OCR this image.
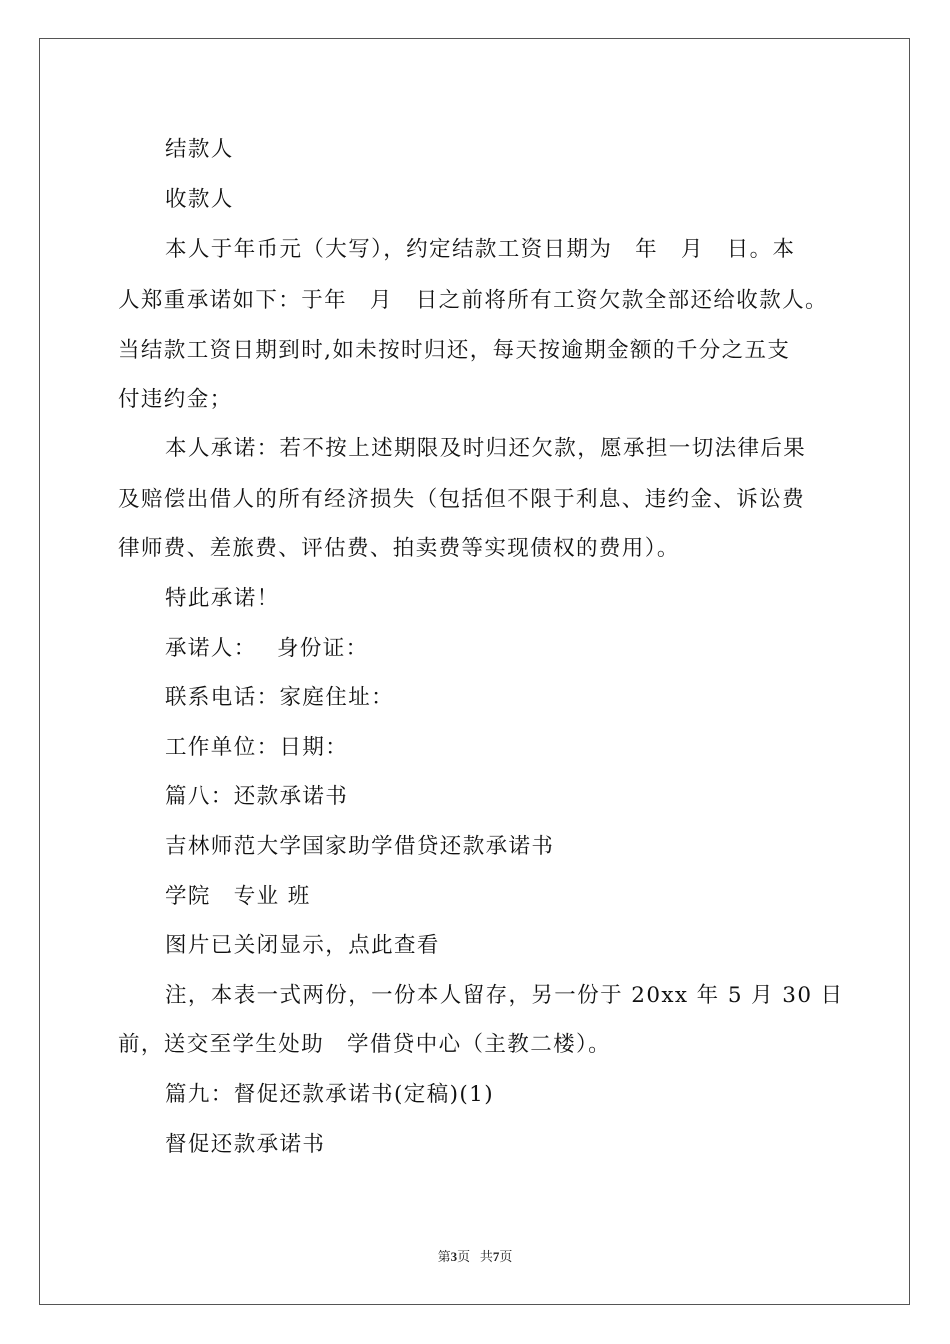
结款人
收款人
本人于年币元（大写），约定结款工资日期为　年　月　日。本
人郑重承诺如下：于年　月　日之前将所有工资欠款全部还给收款人。
当结款工资日期到时,如未按时归还，每天按逾期金额的千分之五支
付违约金；
本人承诺：若不按上述期限及时归还欠款，愿承担一切法律后果
及赔偿出借人的所有经济损失（包括但不限于利息、违约金、诉讼费
律师费、差旅费、评估费、拍卖费等实现债权的费用）。
特此承诺！
承诺人：　 身份证：
联系电话：家庭住址：
工作单位：日期：
篇八：还款承诺书
吉林师范大学国家助学借贷还款承诺书
学院　专业 班
图片已关闭显示，点此查看
注，本表一式两份，一份本人留存，另一份于 20xx 年 5 月 30 日
前，送交至学生处助　学借贷中心（主教二楼）。
篇九：督促还款承诺书(定稿)(1)
督促还款承诺书
第3页 共7页
